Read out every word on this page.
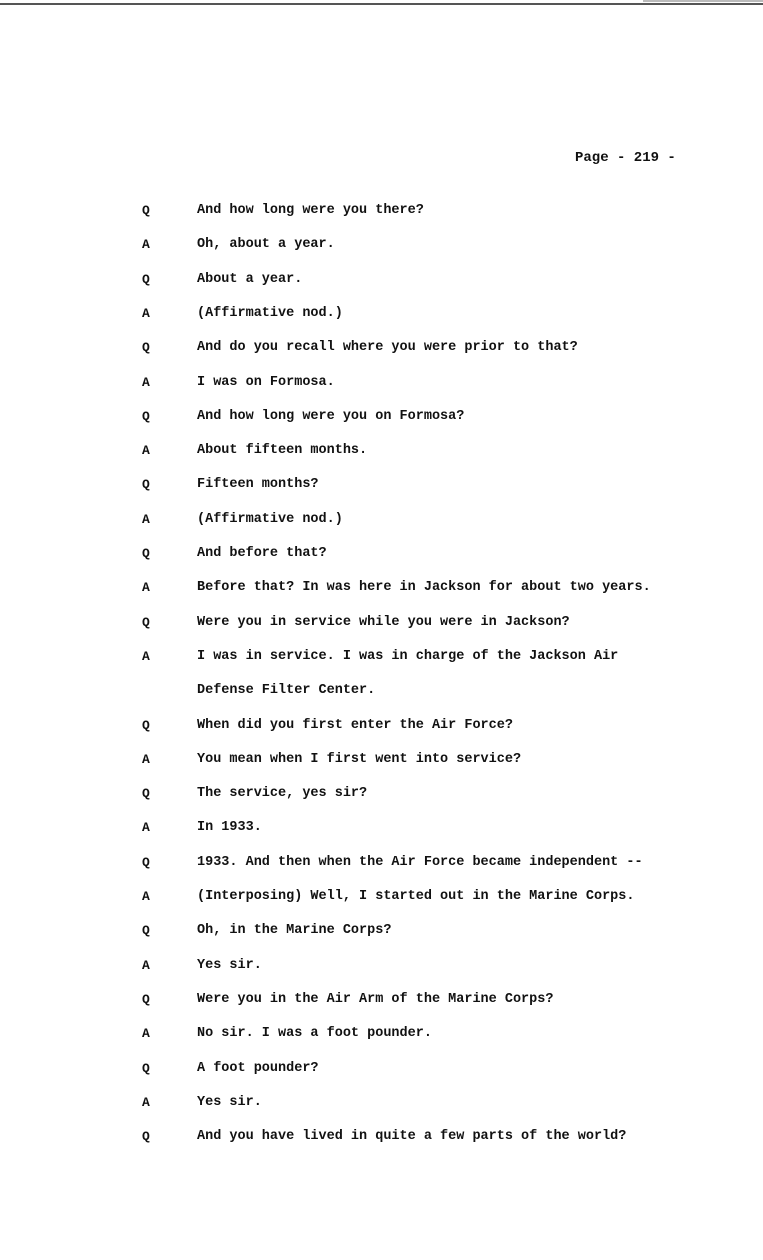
Page - 219 -
Q	And how long were you there?
A	Oh, about a year.
Q	About a year.
A	(Affirmative nod.)
Q	And do you recall where you were prior to that?
A	I was on Formosa.
Q	And how long were you on Formosa?
A	About fifteen months.
Q	Fifteen months?
A	(Affirmative nod.)
Q	And before that?
A	Before that? In was here in Jackson for about two years.
Q	Were you in service while you were in Jackson?
A	I was in service. I was in charge of the Jackson Air
Defense Filter Center.
Q	When did you first enter the Air Force?
A	You mean when I first went into service?
Q	The service, yes sir?
A	In 1933.
Q	1933. And then when the Air Force became independent --
A	(Interposing) Well, I started out in the Marine Corps.
Q	Oh, in the Marine Corps?
A	Yes sir.
Q	Were you in the Air Arm of the Marine Corps?
A	No sir. I was a foot pounder.
Q	A foot pounder?
A	Yes sir.
Q	And you have lived in quite a few parts of the world?
